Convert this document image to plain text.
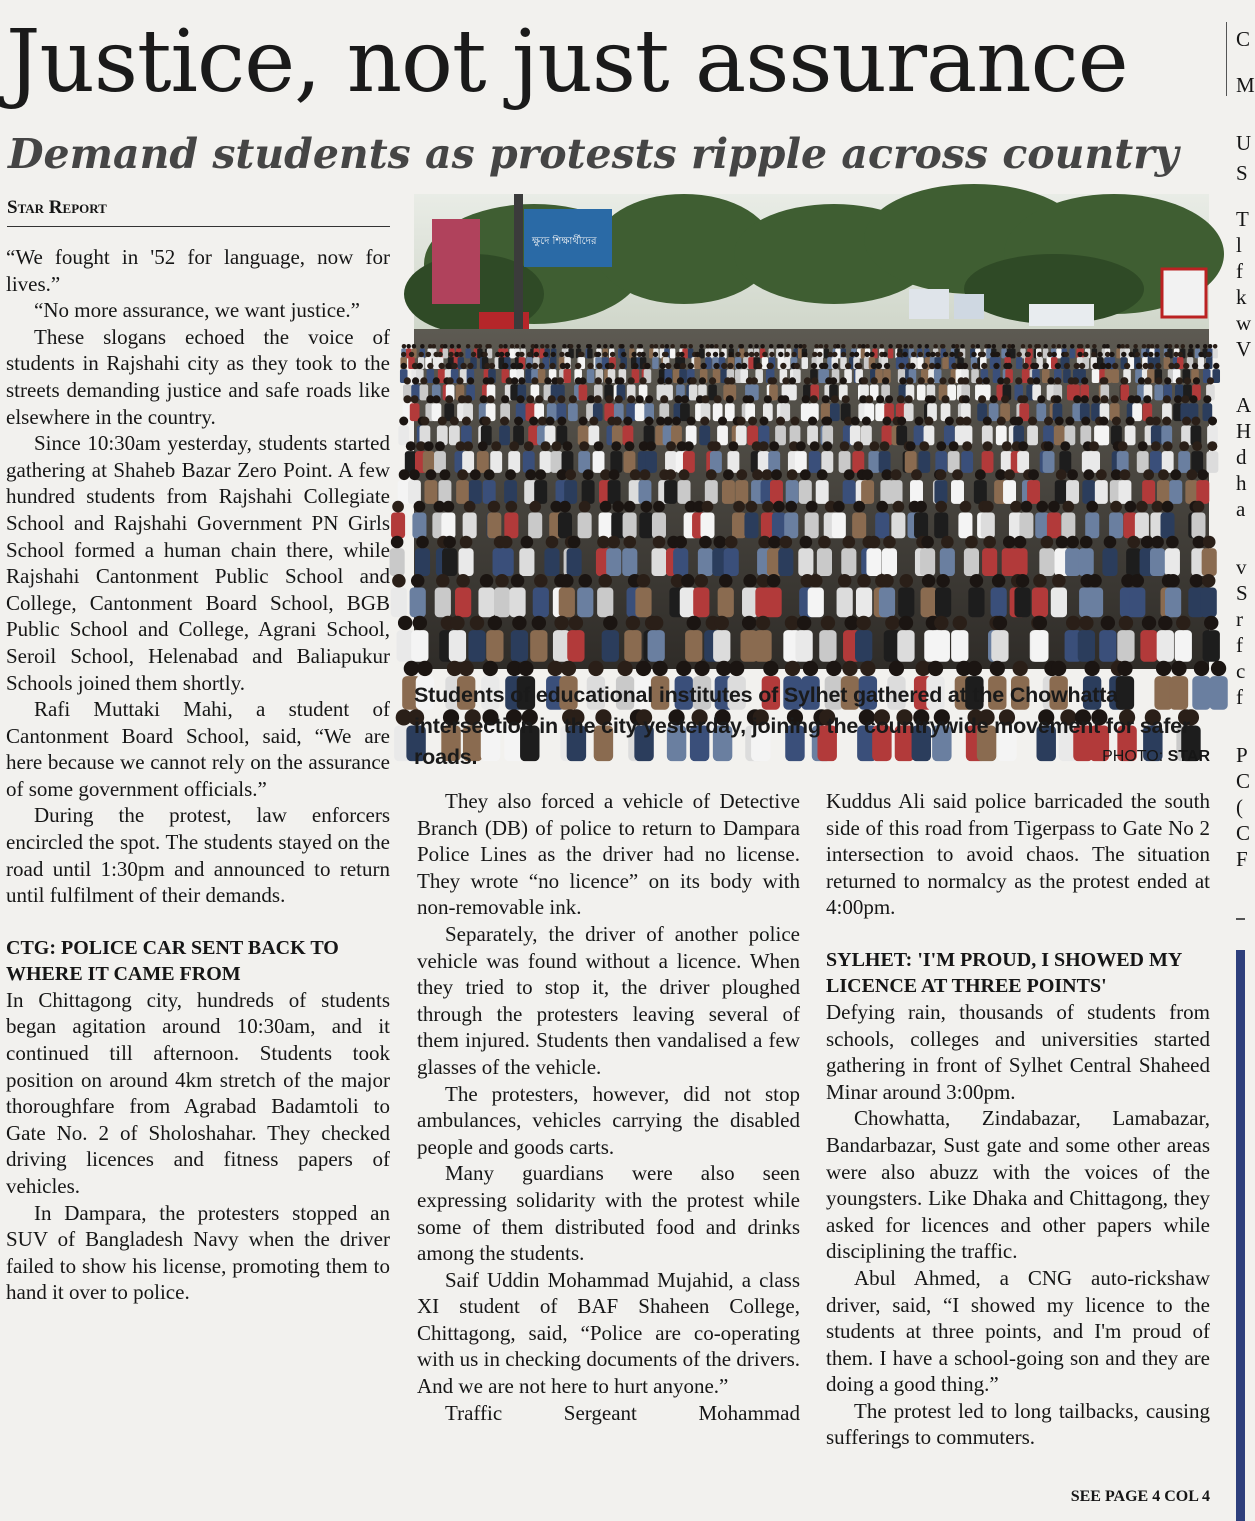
Justice, not just assurance
Demand students as protests ripple across country
Star Report

“We fought in '52 for language, now for lives.”

“No more assurance, we want justice.”

These slogans echoed the voice of students in Rajshahi city as they took to the streets demanding justice and safe roads like elsewhere in the country.

Since 10:30am yesterday, students started gathering at Shaheb Bazar Zero Point. A few hundred students from Rajshahi Collegiate School and Rajshahi Government PN Girls School formed a human chain there, while Rajshahi Cantonment Public School and College, Cantonment Board School, BGB Public School and College, Agrani School, Seroil School, Helenabad and Baliapukur Schools joined them shortly.

Rafi Muttaki Mahi, a student of Cantonment Board School, said, “We are here because we cannot rely on the assurance of some government officials.”

During the protest, law enforcers encircled the spot. The students stayed on the road until 1:30pm and announced to return until fulfilment of their demands.

CTG: POLICE CAR SENT BACK TO WHERE IT CAME FROM

In Chittagong city, hundreds of students began agitation around 10:30am, and it continued till afternoon. Students took position on around 4km stretch of the major thoroughfare from Agrabad Badamtoli to Gate No. 2 of Sholoshahar. They checked driving licences and fitness papers of vehicles.

In Dampara, the protesters stopped an SUV of Bangladesh Navy when the driver failed to show his license, promoting them to hand it over to police.

ক্ষুদে শিক্ষার্থীদের
Students of educational institutes of Sylhet gathered at the Chowhatta intersection in the city yesterday, joining the countrywide movement for safer roads.	PHOTO: STAR

They also forced a vehicle of Detective Branch (DB) of police to return to Dampara Police Lines as the driver had no license. They wrote “no licence” on its body with non-removable ink.

Separately, the driver of another police vehicle was found without a licence. When they tried to stop it, the driver ploughed through the protesters leaving several of them injured. Students then vandalised a few glasses of the vehicle.

The protesters, however, did not stop ambulances, vehicles carrying the disabled people and goods carts.

Many guardians were also seen expressing solidarity with the protest while some of them distributed food and drinks among the students.

Saif Uddin Mohammad Mujahid, a class XI student of BAF Shaheen College, Chittagong, said, “Police are co-operating with us in checking documents of the drivers. And we are not here to hurt anyone.”

Traffic Sergeant Mohammad

Kuddus Ali said police barricaded the south side of this road from Tigerpass to Gate No 2 intersection to avoid chaos. The situation returned to normalcy as the protest ended at 4:00pm.

SYLHET: 'I'M PROUD, I SHOWED MY LICENCE AT THREE POINTS'

Defying rain, thousands of students from schools, colleges and universities started gathering in front of Sylhet Central Shaheed Minar around 3:00pm.

Chowhatta, Zindabazar, Lamabazar, Bandarbazar, Sust gate and some other areas were also abuzz with the voices of the youngsters. Like Dhaka and Chittagong, they asked for licences and other papers while disciplining the traffic.

Abul Ahmed, a CNG auto-rickshaw driver, said, “I showed my licence to the students at three points, and I'm proud of them. I have a school-going son and they are doing a good thing.”

The protest led to long tailbacks, causing sufferings to commuters.

SEE PAGE 4 COL 4
C
M
U
S
T
l
f
k
w
V
A
H
d
h
a
v
S
r
f
c
f
P
C
(
C
F
